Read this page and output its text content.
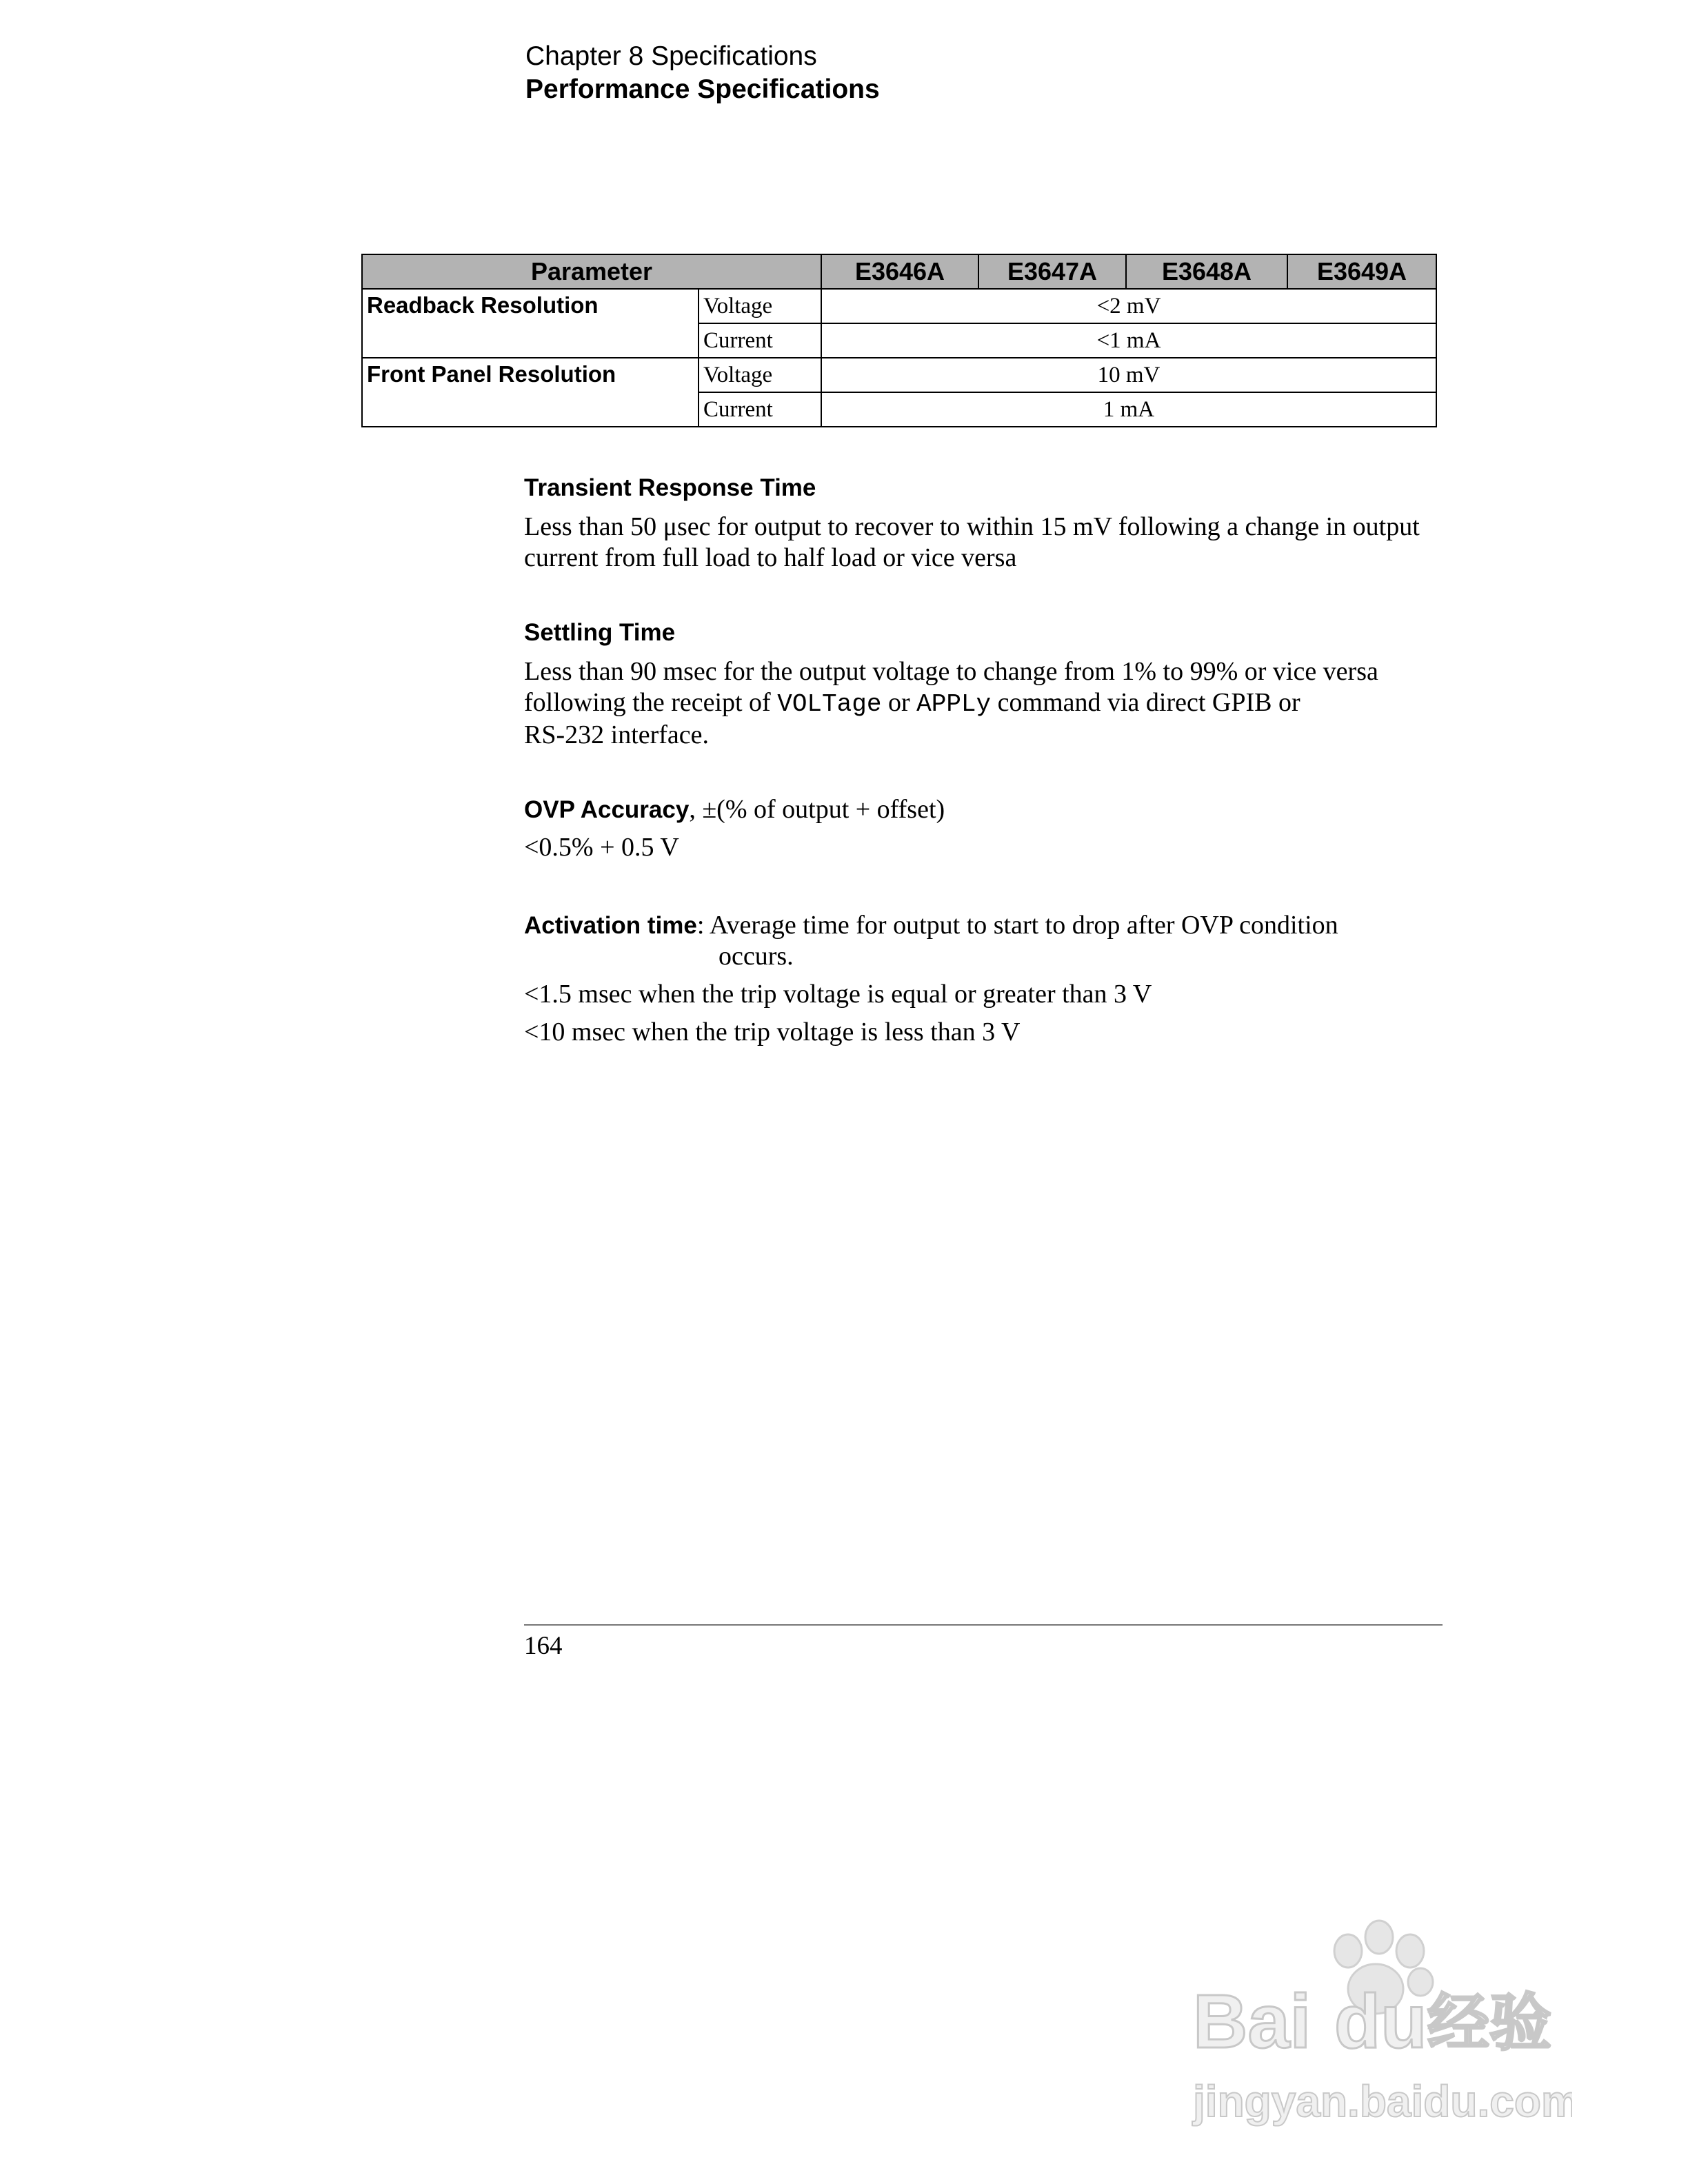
Chapter 8 Specifications
Performance Specifications
Parameter		E3646A	E3647A	E3648A	E3649A
Readback Resolution	Voltage	<2 mV			
	Current	<1 mA			
Front Panel Resolution	Voltage	10 mV			
	Current	1 mA			
Transient Response Time
Less than 50 μsec for output to recover to within 15 mV following a change in output
current from full load to half load or vice versa
Settling Time
Less than 90 msec for the output voltage to change from 1% to 99% or vice versa
following the receipt of VOLTage or APPLy command via direct GPIB or
RS-232 interface.
OVP Accuracy, ±(% of output + offset)
<0.5% + 0.5 V
Activation time: Average time for output to start to drop after OVP condition
occurs.
<1.5 msec when the trip voltage is equal or greater than 3 V
<10 msec when the trip voltage is less than 3 V
164
Bai du 经验
jingyan.baidu.com
